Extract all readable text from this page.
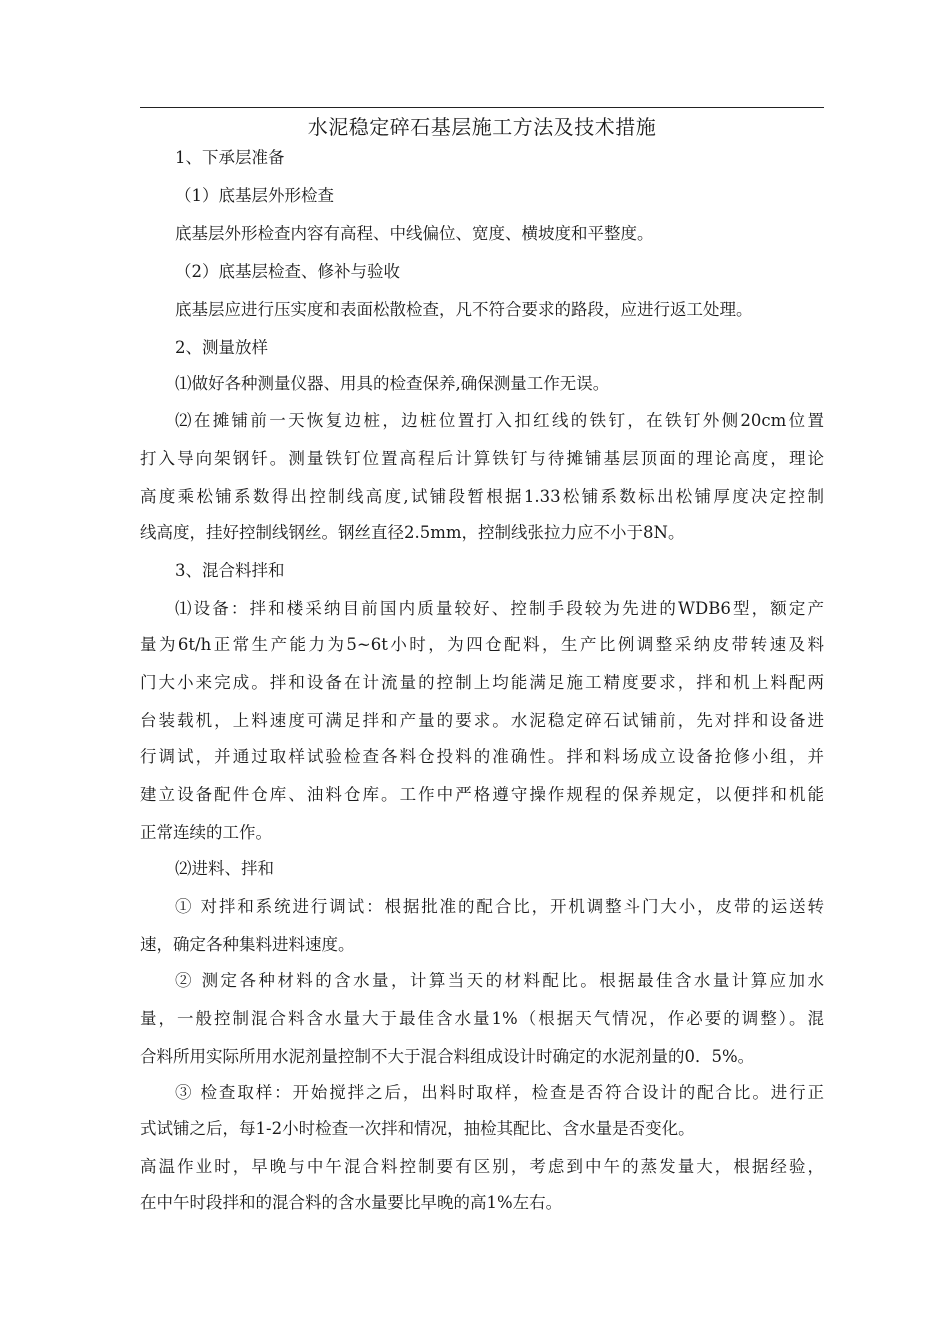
水泥稳定碎石基层施工方法及技术措施
1、下承层准备
（1）底基层外形检查
底基层外形检查内容有高程、中线偏位、宽度、横坡度和平整度。
（2）底基层检查、修补与验收
底基层应进行压实度和表面松散检查，凡不符合要求的路段，应进行返工处理。
2、测量放样
⑴做好各种测量仪器、用具的检查保养,确保测量工作无误。
⑵在摊铺前一天恢复边桩，边桩位置打入扣红线的铁钉，在铁钉外侧20cm位置
打入导向架钢钎。测量铁钉位置高程后计算铁钉与待摊铺基层顶面的理论高度，理论
高度乘松铺系数得出控制线高度,试铺段暂根据1.33松铺系数标出松铺厚度决定控制
线高度，挂好控制线钢丝。钢丝直径2.5mm，控制线张拉力应不小于8N。
3、混合料拌和
⑴设备：拌和楼采纳目前国内质量较好、控制手段较为先进的WDB6型，额定产
量为6t/h正常生产能力为5~6t小时，为四仓配料，生产比例调整采纳皮带转速及料
门大小来完成。拌和设备在计流量的控制上均能满足施工精度要求，拌和机上料配两
台装载机，上料速度可满足拌和产量的要求。水泥稳定碎石试铺前，先对拌和设备进
行调试，并通过取样试验检查各料仓投料的准确性。拌和料场成立设备抢修小组，并
建立设备配件仓库、油料仓库。工作中严格遵守操作规程的保养规定，以便拌和机能
正常连续的工作。
⑵进料、拌和
① 对拌和系统进行调试：根据批准的配合比，开机调整斗门大小，皮带的运送转
速，确定各种集料进料速度。
② 测定各种材料的含水量，计算当天的材料配比。根据最佳含水量计算应加水
量，一般控制混合料含水量大于最佳含水量1%（根据天气情况，作必要的调整）。混
合料所用实际所用水泥剂量控制不大于混合料组成设计时确定的水泥剂量的0．5%。
③ 检查取样：开始搅拌之后，出料时取样，检查是否符合设计的配合比。进行正
式试铺之后，每1-2小时检查一次拌和情况，抽检其配比、含水量是否变化。
高温作业时，早晚与中午混合料控制要有区别，考虑到中午的蒸发量大，根据经验，
在中午时段拌和的混合料的含水量要比早晚的高1%左右。
